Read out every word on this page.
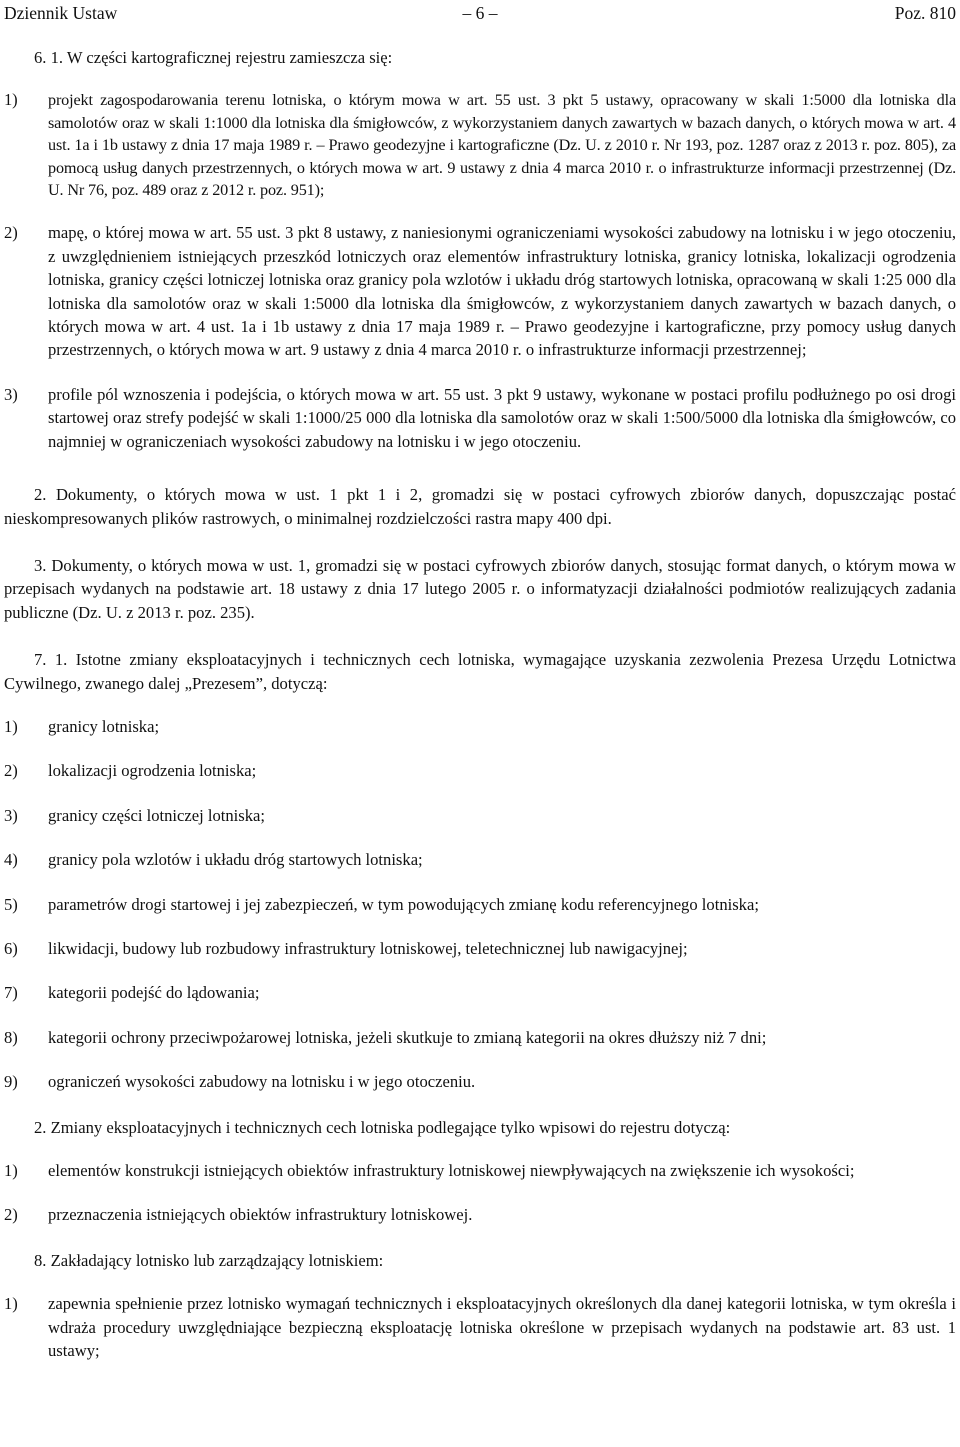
Dziennik Ustaw	– 6 –	Poz. 810

6. 1. W części kartograficznej rejestru zamieszcza się:

1) projekt zagospodarowania terenu lotniska, o którym mowa w art. 55 ust. 3 pkt 5 ustawy, opracowany w skali 1:5000 dla lotniska dla samolotów oraz w skali 1:1000 dla lotniska dla śmigłowców, z wykorzystaniem danych zawartych w bazach danych, o których mowa w art. 4 ust. 1a i 1b ustawy z dnia 17 maja 1989 r. – Prawo geodezyjne i kartograficzne (Dz. U. z 2010 r. Nr 193, poz. 1287 oraz z 2013 r. poz. 805), za pomocą usług danych przestrzennych, o których mowa w art. 9 ustawy z dnia 4 marca 2010 r. o infrastrukturze informacji przestrzennej (Dz. U. Nr 76, poz. 489 oraz z 2012 r. poz. 951);
2) mapę, o której mowa w art. 55 ust. 3 pkt 8 ustawy, z naniesionymi ograniczeniami wysokości zabudowy na lotnisku i w jego otoczeniu, z uwzględnieniem istniejących przeszkód lotniczych oraz elementów infrastruktury lotniska, granicy lotniska, lokalizacji ogrodzenia lotniska, granicy części lotniczej lotniska oraz granicy pola wzlotów i układu dróg startowych lotniska, opracowaną w skali 1:25 000 dla lotniska dla samolotów oraz w skali 1:5000 dla lotniska dla śmigłowców, z wykorzystaniem danych zawartych w bazach danych, o których mowa w art. 4 ust. 1a i 1b ustawy z dnia 17 maja 1989 r. – Prawo geodezyjne i kartograficzne, przy pomocy usług danych przestrzennych, o których mowa w art. 9 ustawy z dnia 4 marca 2010 r. o infrastrukturze informacji przestrzennej;
3) profile pól wznoszenia i podejścia, o których mowa w art. 55 ust. 3 pkt 9 ustawy, wykonane w postaci profilu podłużnego po osi drogi startowej oraz strefy podejść w skali 1:1000/25 000 dla lotniska dla samolotów oraz w skali 1:500/5000 dla lotniska dla śmigłowców, co najmniej w ograniczeniach wysokości zabudowy na lotnisku i w jego otoczeniu.

2. Dokumenty, o których mowa w ust. 1 pkt 1 i 2, gromadzi się w postaci cyfrowych zbiorów danych, dopuszczając postać nieskompresowanych plików rastrowych, o minimalnej rozdzielczości rastra mapy 400 dpi.

3. Dokumenty, o których mowa w ust. 1, gromadzi się w postaci cyfrowych zbiorów danych, stosując format danych, o którym mowa w przepisach wydanych na podstawie art. 18 ustawy z dnia 17 lutego 2005 r. o informatyzacji działalności podmiotów realizujących zadania publiczne (Dz. U. z 2013 r. poz. 235).

7. 1. Istotne zmiany eksploatacyjnych i technicznych cech lotniska, wymagające uzyskania zezwolenia Prezesa Urzędu Lotnictwa Cywilnego, zwanego dalej „Prezesem”, dotyczą:

1) granicy lotniska;
2) lokalizacji ogrodzenia lotniska;
3) granicy części lotniczej lotniska;
4) granicy pola wzlotów i układu dróg startowych lotniska;
5) parametrów drogi startowej i jej zabezpieczeń, w tym powodujących zmianę kodu referencyjnego lotniska;
6) likwidacji, budowy lub rozbudowy infrastruktury lotniskowej, teletechnicznej lub nawigacyjnej;
7) kategorii podejść do lądowania;
8) kategorii ochrony przeciwpożarowej lotniska, jeżeli skutkuje to zmianą kategorii na okres dłuższy niż 7 dni;
9) ograniczeń wysokości zabudowy na lotnisku i w jego otoczeniu.

2. Zmiany eksploatacyjnych i technicznych cech lotniska podlegające tylko wpisowi do rejestru dotyczą:

1) elementów konstrukcji istniejących obiektów infrastruktury lotniskowej niewpływających na zwiększenie ich wysokości;
2) przeznaczenia istniejących obiektów infrastruktury lotniskowej.

8. Zakładający lotnisko lub zarządzający lotniskiem:

1) zapewnia spełnienie przez lotnisko wymagań technicznych i eksploatacyjnych określonych dla danej kategorii lotniska, w tym określa i wdraża procedury uwzględniające bezpieczną eksploatację lotniska określone w przepisach wydanych na podstawie art. 83 ust. 1 ustawy;
